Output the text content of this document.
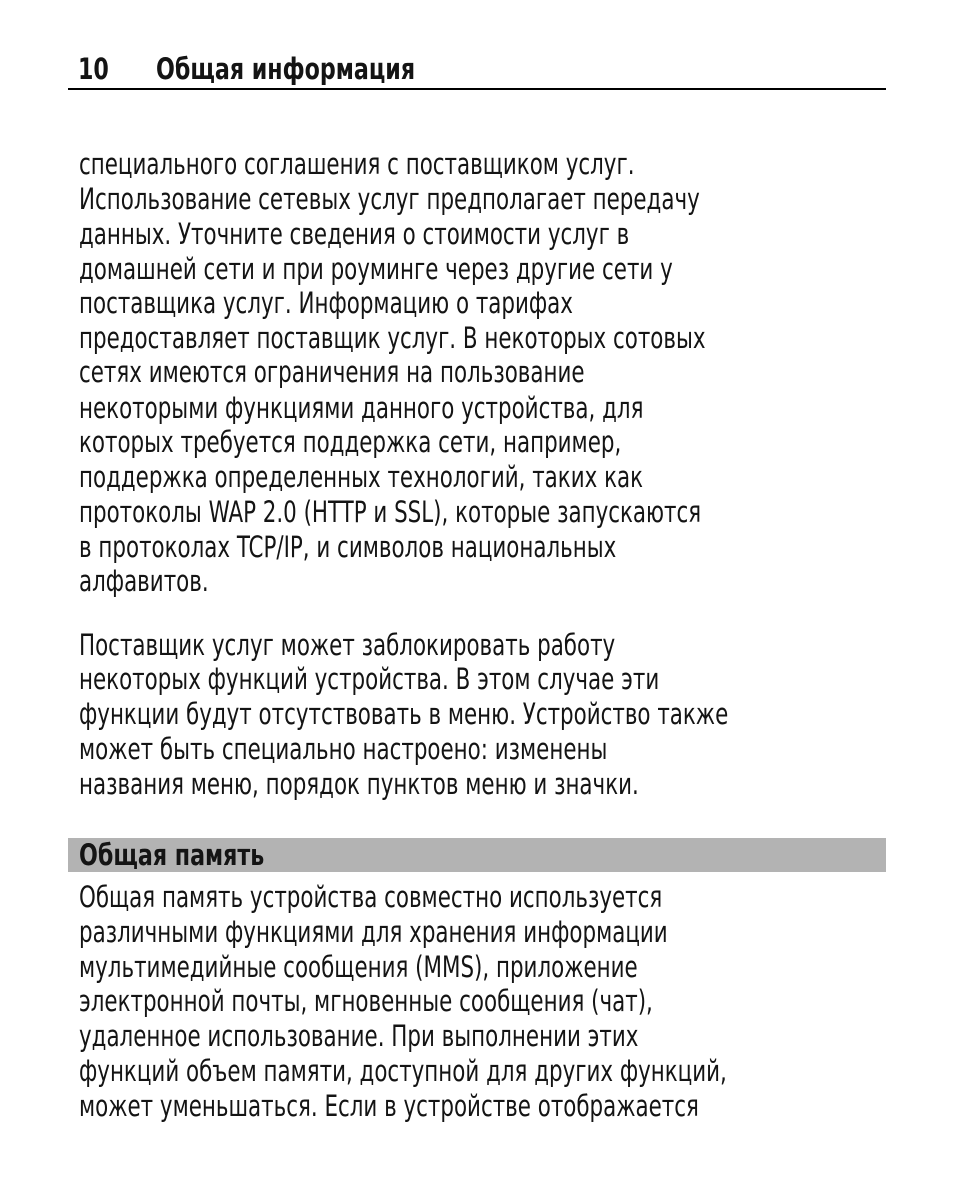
10 Общая информация
специального соглашения с поставщиком услуг.
Использование сетевых услуг предполагает передачу
данных. Уточните сведения о стоимости услуг в
домашней сети и при роуминге через другие сети у
поставщика услуг. Информацию о тарифах
предоставляет поставщик услуг. В некоторых сотовых
сетях имеются ограничения на пользование
некоторыми функциями данного устройства, для
которых требуется поддержка сети, например,
поддержка определенных технологий, таких как
протоколы WAP 2.0 (HTTP и SSL), которые запускаются
в протоколах TCP/IP, и символов национальных
алфавитов.
Поставщик услуг может заблокировать работу
некоторых функций устройства. В этом случае эти
функции будут отсутствовать в меню. Устройство также
может быть специально настроено: изменены
названия меню, порядок пунктов меню и значки.
Общая память
Общая память устройства совместно используется
различными функциями для хранения информации
мультимедийные сообщения (MMS), приложение
электронной почты, мгновенные сообщения (чат),
удаленное использование. При выполнении этих
функций объем памяти, доступной для других функций,
может уменьшаться. Если в устройстве отображается
